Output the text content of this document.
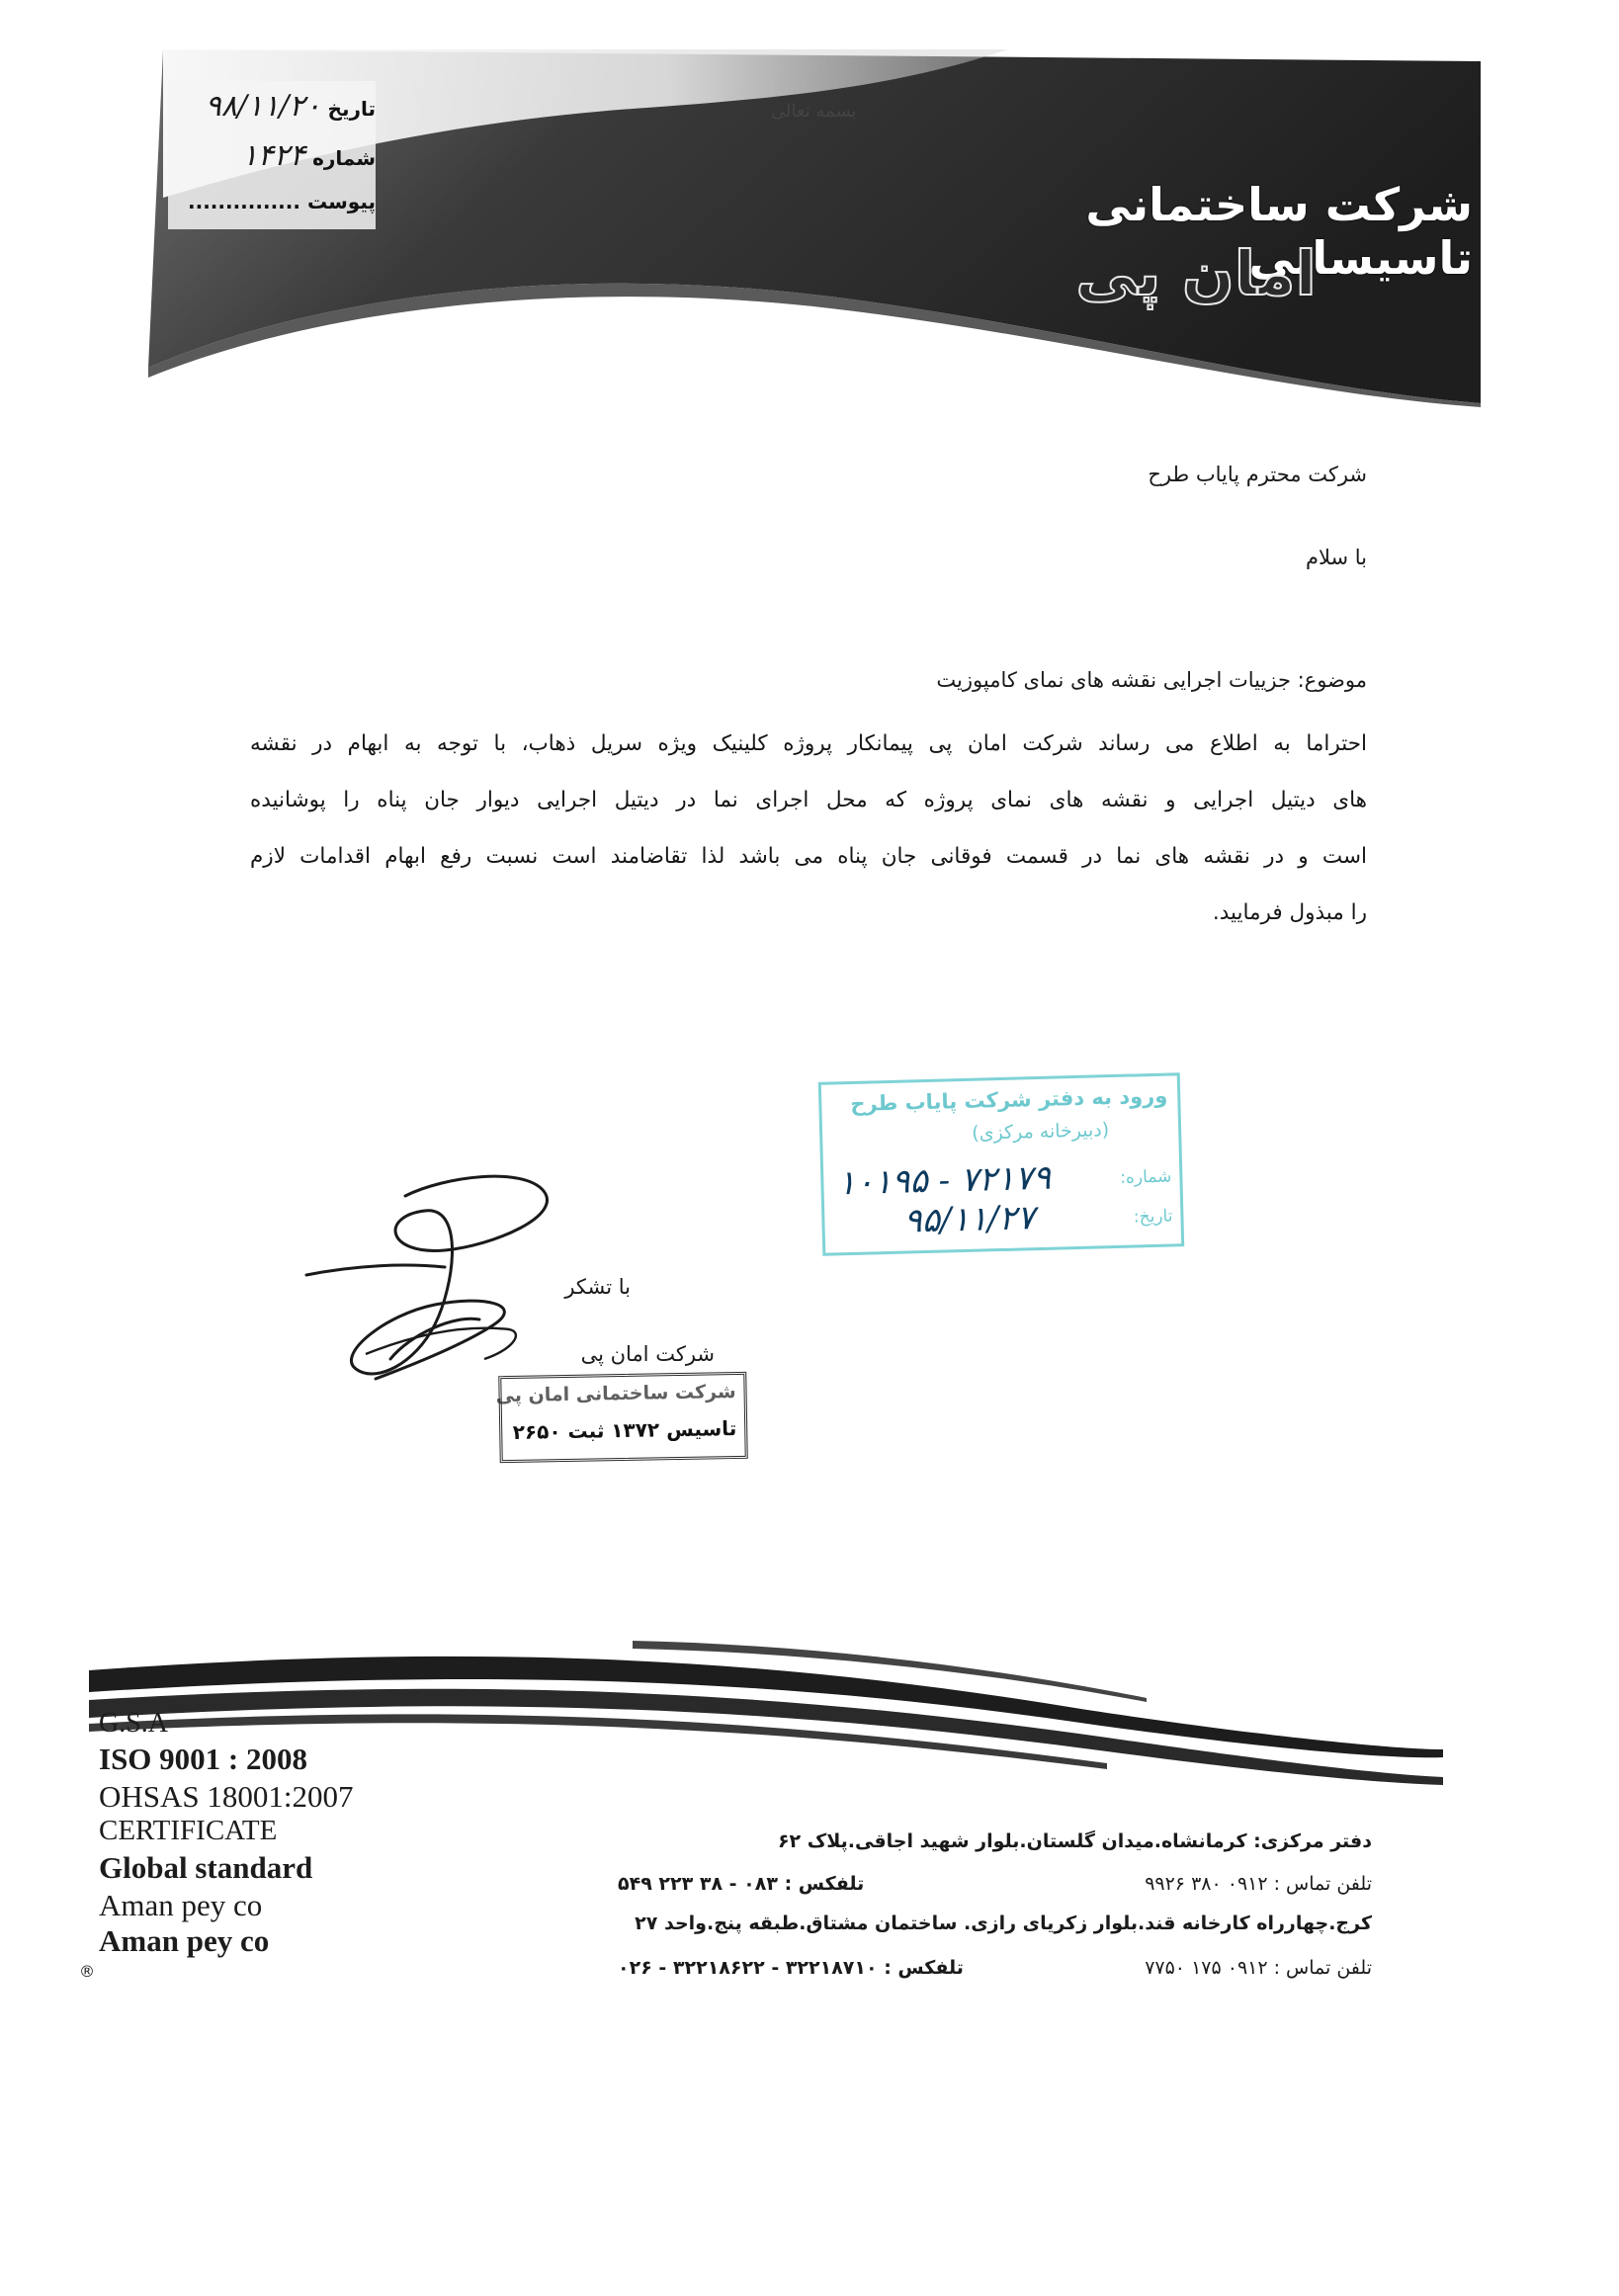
بسمه تعالی
تاریخ ۹۸/۱۱/۲۰
شماره ۱۴۲۴
پیوست ...............	شرکت ساختمانی تاسیساتی
امان پی
شرکت محترم پایاب طرح
با سلام
موضوع: جزییات اجرایی نقشه های نمای کامپوزیت
احتراما به اطلاع می رساند شرکت امان پی پیمانکار پروژه کلینیک ویژه سریل ذهاب، با توجه به ابهام در نقشه
های دیتیل اجرایی و نقشه های نمای پروژه که محل اجرای نما در دیتیل اجرایی دیوار جان پناه را پوشانیده
است و در نقشه های نما در قسمت فوقانی جان پناه می باشد لذا تقاضامند است نسبت رفع ابهام اقدامات لازم
را مبذول فرمایید.
ورود به دفتر شرکت پایاب طرح
(دبیرخانه مرکزی)
شماره:
۱۰۱۹۵ - ۷۲۱۷۹
تاریخ:
۹۵/۱۱/۲۷
با تشکر
شرکت امان پی
شرکت ساختمانی امان پی
تاسیس ۱۳۷۲ ثبت ۲۶۵۰
G.S.A
ISO 9001 : 2008
OHSAS 18001:2007
CERTIFICATE
Global standard
Aman pey co
Aman pey co
دفتر مرکزی: کرمانشاه.میدان گلستان.بلوار شهید اجاقی.پلاک ۶۲
تلفن تماس : ۰۹۱۲ ۳۸۰ ۹۹۲۶
تلفکس : ۰۸۳ - ۳۸ ۲۲۳ ۵۴۹
کرج.چهارراه کارخانه قند.بلوار زکریای رازی. ساختمان مشتاق.طبقه پنج.واحد ۲۷
تلفن تماس : ۰۹۱۲ ۱۷۵ ۷۷۵۰
تلفکس : ۳۲۲۱۸۷۱۰ - ۳۲۲۱۸۶۲۲ - ۰۲۶
®
